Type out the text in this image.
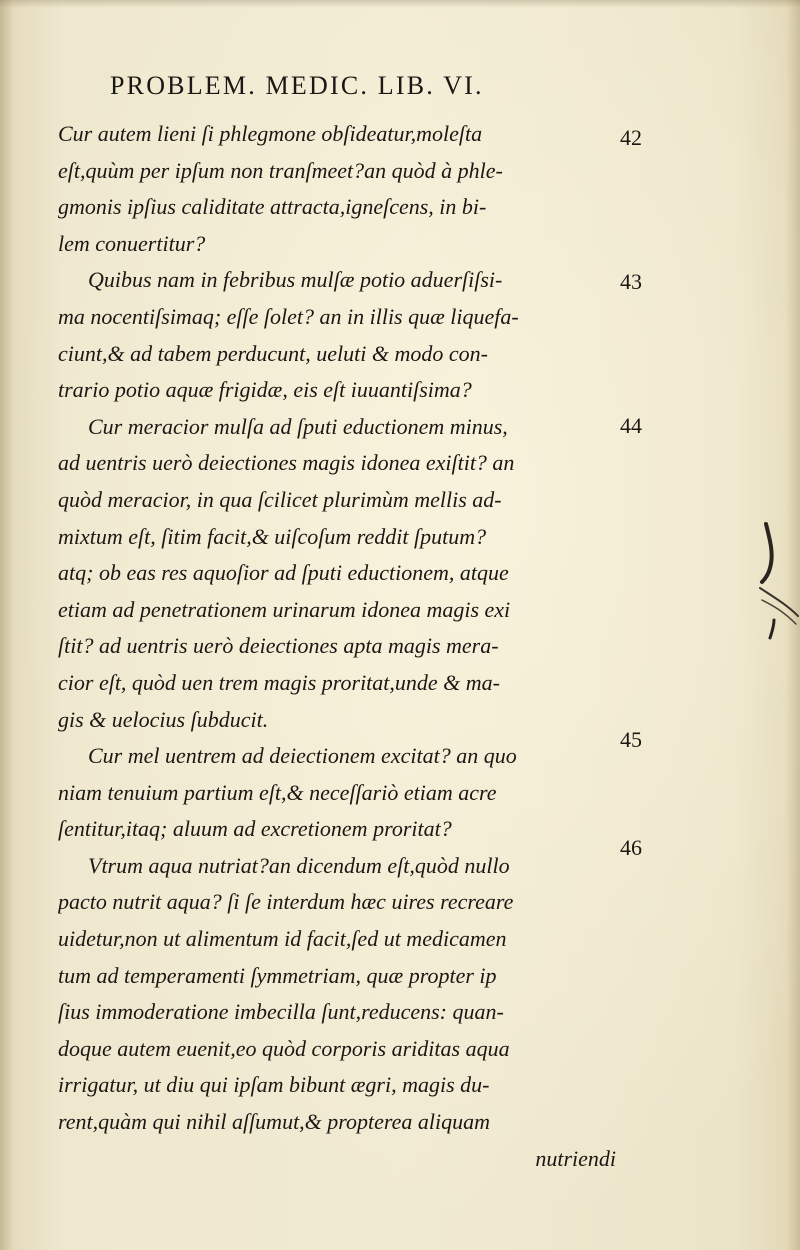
PROBLEM. MEDIC. LIB. VI.
Cur autem lieni ſi phlegmone obſideatur,moleſta
eſt,quùm per ipſum non tranſmeet?an quòd à phle-
gmonis ipſius caliditate attracta,igneſcens, in bi-
lem conuertitur?
Quibus nam in febribus mulſæ potio aduerſiſsi-
ma nocentiſsimaq; eſſe ſolet? an in illis quæ liquefa-
ciunt,& ad tabem perducunt, ueluti & modo con-
trario potio aquæ frigidæ, eis eſt iuuantiſsima?
Cur meracior mulſa ad ſputi eductionem minus,
ad uentris uerò deiectiones magis idonea exiſtit? an
quòd meracior, in qua ſcilicet plurimùm mellis ad-
mixtum eſt, ſitim facit,& uiſcoſum reddit ſputum?
atq; ob eas res aquoſior ad ſputi eductionem, atque
etiam ad penetrationem urinarum idonea magis exi
ſtit? ad uentris uerò deiectiones apta magis mera-
cior eſt, quòd uen trem magis proritat,unde & ma-
gis & uelocius ſubducit.
Cur mel uentrem ad deiectionem excitat? an quo
niam tenuium partium eſt,& neceſſariò etiam acre
ſentitur,itaq; aluum ad excretionem proritat?
Vtrum aqua nutriat?an dicendum eſt,quòd nullo
pacto nutrit aqua? ſi ſe interdum hæc uires recreare
uidetur,non ut alimentum id facit,ſed ut medicamen
tum ad temperamenti ſymmetriam, quæ propter ip
ſius immoderatione imbecilla ſunt,reducens: quan-
doque autem euenit,eo quòd corporis ariditas aqua
irrigatur, ut diu qui ipſam bibunt ægri, magis du-
rent,quàm qui nihil aſſumut,& propterea aliquam
nutriendi
42
43
44
45
46
